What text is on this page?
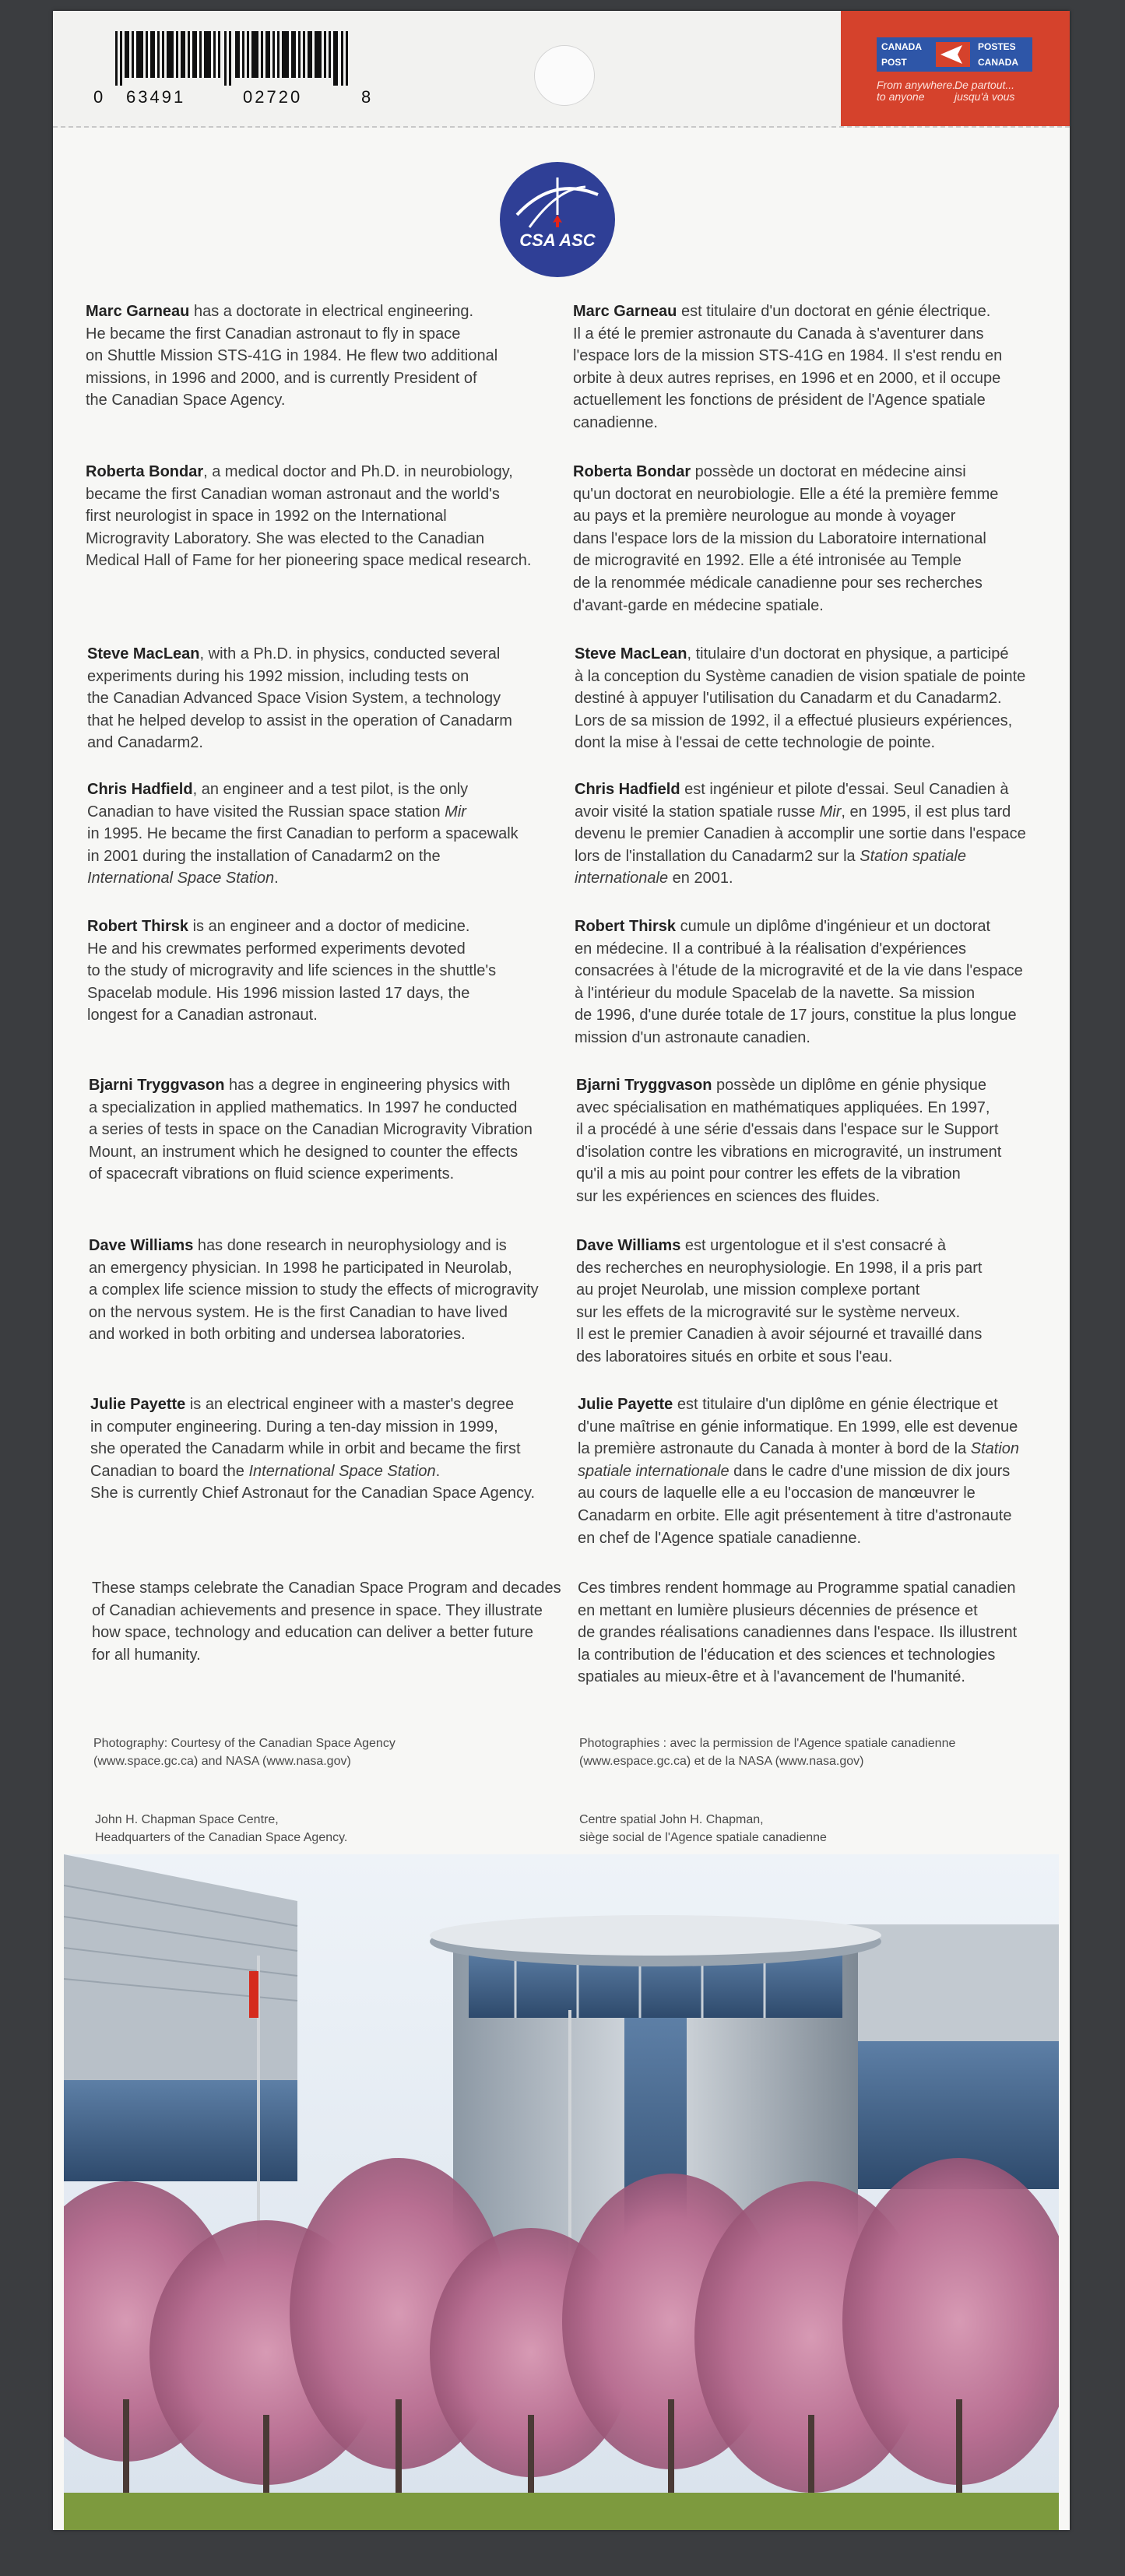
0 63491	02720	8
CANADA
POST
POSTES
CANADA
From anywhere...
to anyone
De partout...
jusqu'à vous
CSA ASC

Marc Garneau has a doctorate in electrical engineering.

He became the first Canadian astronaut to fly in space

on Shuttle Mission STS-41G in 1984. He flew two additional

missions, in 1996 and 2000, and is currently President of

the Canadian Space Agency.

Roberta Bondar, a medical doctor and Ph.D. in neurobiology,

became the first Canadian woman astronaut and the world's

first neurologist in space in 1992 on the International

Microgravity Laboratory. She was elected to the Canadian

Medical Hall of Fame for her pioneering space medical research.

Steve MacLean, with a Ph.D. in physics, conducted several

experiments during his 1992 mission, including tests on

the Canadian Advanced Space Vision System, a technology

that he helped develop to assist in the operation of Canadarm

and Canadarm2.

Chris Hadfield, an engineer and a test pilot, is the only

Canadian to have visited the Russian space station Mir

in 1995. He became the first Canadian to perform a spacewalk

in 2001 during the installation of Canadarm2 on the

International Space Station.

Robert Thirsk is an engineer and a doctor of medicine.

He and his crewmates performed experiments devoted

to the study of microgravity and life sciences in the shuttle's

Spacelab module. His 1996 mission lasted 17 days, the

longest for a Canadian astronaut.

Bjarni Tryggvason has a degree in engineering physics with

a specialization in applied mathematics. In 1997 he conducted

a series of tests in space on the Canadian Microgravity Vibration

Mount, an instrument which he designed to counter the effects

of spacecraft vibrations on fluid science experiments.

Dave Williams has done research in neurophysiology and is

an emergency physician. In 1998 he participated in Neurolab,

a complex life science mission to study the effects of microgravity

on the nervous system. He is the first Canadian to have lived

and worked in both orbiting and undersea laboratories.

Julie Payette is an electrical engineer with a master's degree

in computer engineering. During a ten-day mission in 1999,

she operated the Canadarm while in orbit and became the first

Canadian to board the International Space Station.

She is currently Chief Astronaut for the Canadian Space Agency.

These stamps celebrate the Canadian Space Program and decades

of Canadian achievements and presence in space. They illustrate

how space, technology and education can deliver a better future

for all humanity.

Marc Garneau est titulaire d'un doctorat en génie électrique.

Il a été le premier astronaute du Canada à s'aventurer dans

l'espace lors de la mission STS-41G en 1984. Il s'est rendu en

orbite à deux autres reprises, en 1996 et en 2000, et il occupe

actuellement les fonctions de président de l'Agence spatiale

canadienne.

Roberta Bondar possède un doctorat en médecine ainsi

qu'un doctorat en neurobiologie. Elle a été la première femme

au pays et la première neurologue au monde à voyager

dans l'espace lors de la mission du Laboratoire international

de microgravité en 1992. Elle a été intronisée au Temple

de la renommée médicale canadienne pour ses recherches

d'avant-garde en médecine spatiale.

Steve MacLean, titulaire d'un doctorat en physique, a participé

à la conception du Système canadien de vision spatiale de pointe

destiné à appuyer l'utilisation du Canadarm et du Canadarm2.

Lors de sa mission de 1992, il a effectué plusieurs expériences,

dont la mise à l'essai de cette technologie de pointe.

Chris Hadfield est ingénieur et pilote d'essai. Seul Canadien à

avoir visité la station spatiale russe Mir, en 1995, il est plus tard

devenu le premier Canadien à accomplir une sortie dans l'espace

lors de l'installation du Canadarm2 sur la Station spatiale

internationale en 2001.

Robert Thirsk cumule un diplôme d'ingénieur et un doctorat

en médecine. Il a contribué à la réalisation d'expériences

consacrées à l'étude de la microgravité et de la vie dans l'espace

à l'intérieur du module Spacelab de la navette. Sa mission

de 1996, d'une durée totale de 17 jours, constitue la plus longue

mission d'un astronaute canadien.

Bjarni Tryggvason possède un diplôme en génie physique

avec spécialisation en mathématiques appliquées. En 1997,

il a procédé à une série d'essais dans l'espace sur le Support

d'isolation contre les vibrations en microgravité, un instrument

qu'il a mis au point pour contrer les effets de la vibration

sur les expériences en sciences des fluides.

Dave Williams est urgentologue et il s'est consacré à

des recherches en neurophysiologie. En 1998, il a pris part

au projet Neurolab, une mission complexe portant

sur les effets de la microgravité sur le système nerveux.

Il est le premier Canadien à avoir séjourné et travaillé dans

des laboratoires situés en orbite et sous l'eau.

Julie Payette est titulaire d'un diplôme en génie électrique et

d'une maîtrise en génie informatique. En 1999, elle est devenue

la première astronaute du Canada à monter à bord de la Station

spatiale internationale dans le cadre d'une mission de dix jours

au cours de laquelle elle a eu l'occasion de manœuvrer le

Canadarm en orbite. Elle agit présentement à titre d'astronaute

en chef de l'Agence spatiale canadienne.

Ces timbres rendent hommage au Programme spatial canadien

en mettant en lumière plusieurs décennies de présence et

de grandes réalisations canadiennes dans l'espace. Ils illustrent

la contribution de l'éducation et des sciences et technologies

spatiales au mieux-être et à l'avancement de l'humanité.

Photography: Courtesy of the Canadian Space Agency
(www.space.gc.ca) and NASA (www.nasa.gov)
Photographies : avec la permission de l'Agence spatiale canadienne
(www.espace.gc.ca) et de la NASA (www.nasa.gov)
John H. Chapman Space Centre,
Headquarters of the Canadian Space Agency.
Centre spatial John H. Chapman,
siège social de l'Agence spatiale canadienne
